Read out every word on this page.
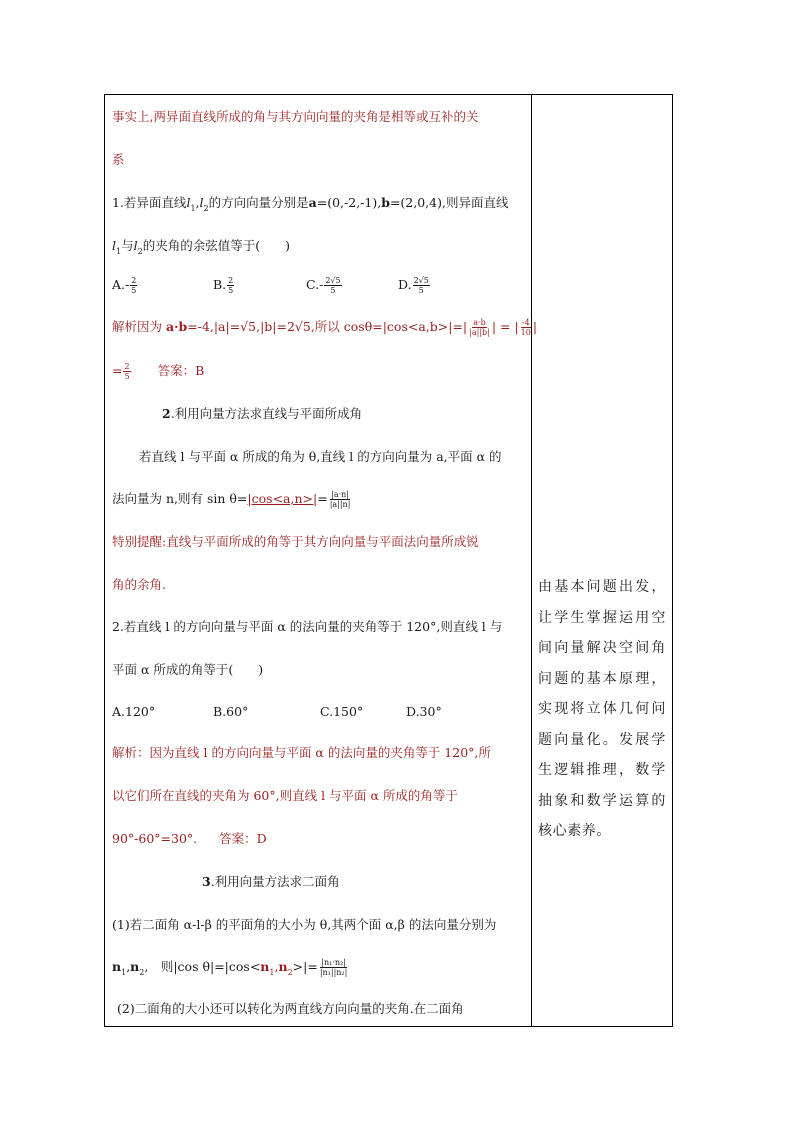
事实上,两异面直线所成的角与其方向向量的夹角是相等或互补的关
系
1.若异面直线$l_1,l_2$的方向向量分别是a=(0,-2,-1),b=(2,0,4),则异面直线
$l_1$与$l_2$的夹角的余弦值等于(　　)
$A.- \frac{2}{5}$	B. $\frac{2}{5}$	$C.- \frac{2√5}{5}$	D. $\frac{2√5}{5}$
解析因为 a·b=-4,|a|=√5,|b|=2√5,所以 $\cos\theta=|\cos<a,b>|=| \frac{a\cdot b}{|a||b|}$ | = | $\frac{-4}{10}$ |
= $\frac{2}{5}$ 答案：B
2.利用向量方法求直线与平面所成角
若直线 l 与平面 α 所成的角为 θ,直线 l 的方向向量为 a,平面 α 的
法向量为 n,则有 $\sin \theta=|\cos<a,n>|= \frac{|a\cdot n|}{|a||n|}$
特别提醒:直线与平面所成的角等于其方向向量与平面法向量所成锐
角的余角.
2.若直线 l 的方向向量与平面 α 的法向量的夹角等于 120°,则直线 l 与
平面 α 所成的角等于(　　)
A.120°	B.60°	C.150°	D.30°
解析：因为直线 l 的方向向量与平面 α 的法向量的夹角等于 120°,所
以它们所在直线的夹角为 60°,则直线 l 与平面 α 所成的角等于
90°-60°=30°. 答案：D
3.利用向量方法求二面角
(1)若二面角 α-l-β 的平面角的大小为 θ,其两个面 α,β 的法向量分别为
$n_1,n_2$,　则|cos $\theta|=|\cos<n_1,n_2>|= \frac{\text{|n₁·n₂|}}{\text{|n₁||n₂|}}$
(2)二面角的大小还可以转化为两直线方向向量的夹角.在二面角
由基本问题出发，让学生掌握运用空间向量解决空间角问题的基本原理，实现将立体几何问题向量化。发展学生逻辑推理，数学抽象和数学运算的核心素养。
